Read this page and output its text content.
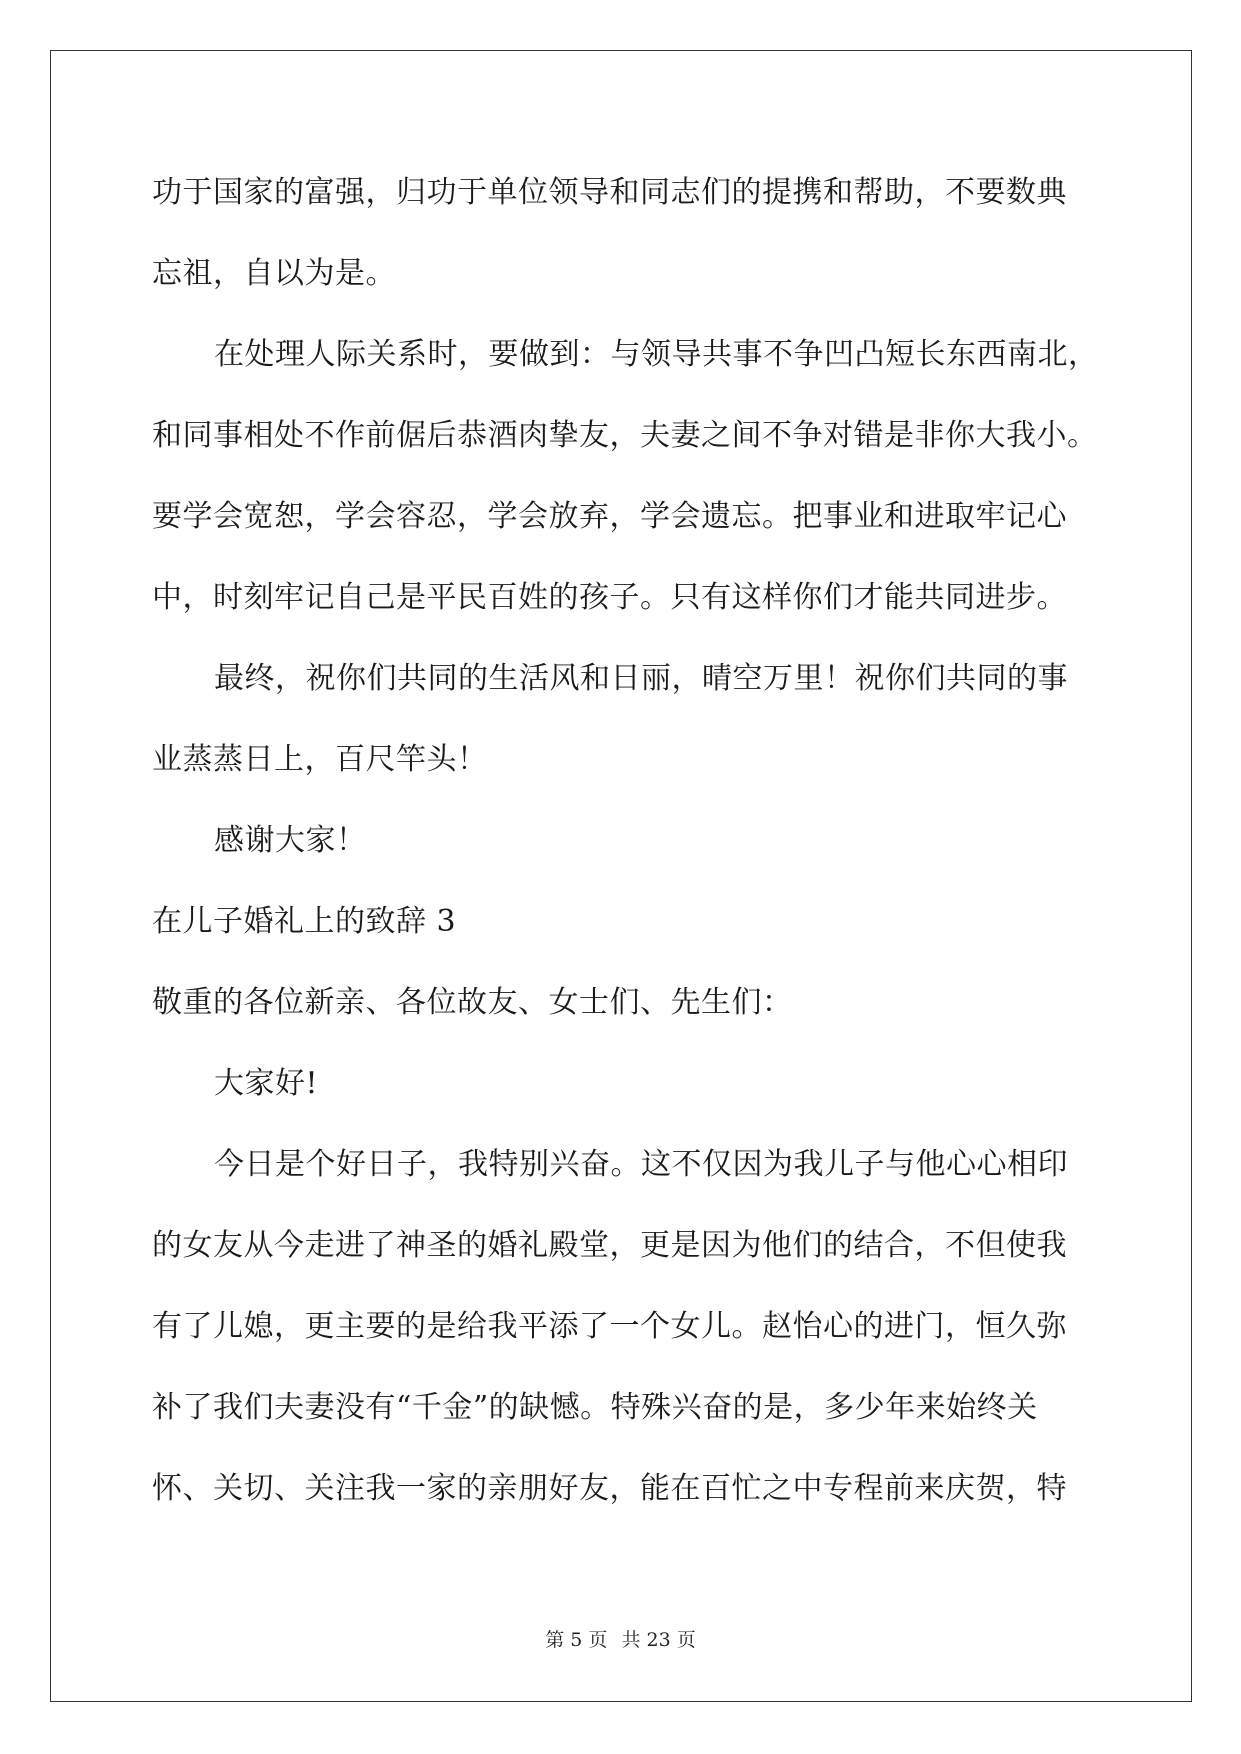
功于国家的富强，归功于单位领导和同志们的提携和帮助，不要数典
忘祖，自以为是。
在处理人际关系时，要做到：与领导共事不争凹凸短长东西南北，
和同事相处不作前倨后恭酒肉挚友，夫妻之间不争对错是非你大我小。
要学会宽恕，学会容忍，学会放弃，学会遗忘。把事业和进取牢记心
中，时刻牢记自己是平民百姓的孩子。只有这样你们才能共同进步。
最终，祝你们共同的生活风和日丽，晴空万里！祝你们共同的事
业蒸蒸日上，百尺竿头！
感谢大家！
在儿子婚礼上的致辞 3
敬重的各位新亲、各位故友、女士们、先生们：
大家好!
今日是个好日子，我特别兴奋。这不仅因为我儿子与他心心相印
的女友从今走进了神圣的婚礼殿堂，更是因为他们的结合，不但使我
有了儿媳，更主要的是给我平添了一个女儿。赵怡心的进门，恒久弥
补了我们夫妻没有“千金”的缺憾。特殊兴奋的是，多少年来始终关
怀、关切、关注我一家的亲朋好友，能在百忙之中专程前来庆贺，特
第 5 页 共 23 页
